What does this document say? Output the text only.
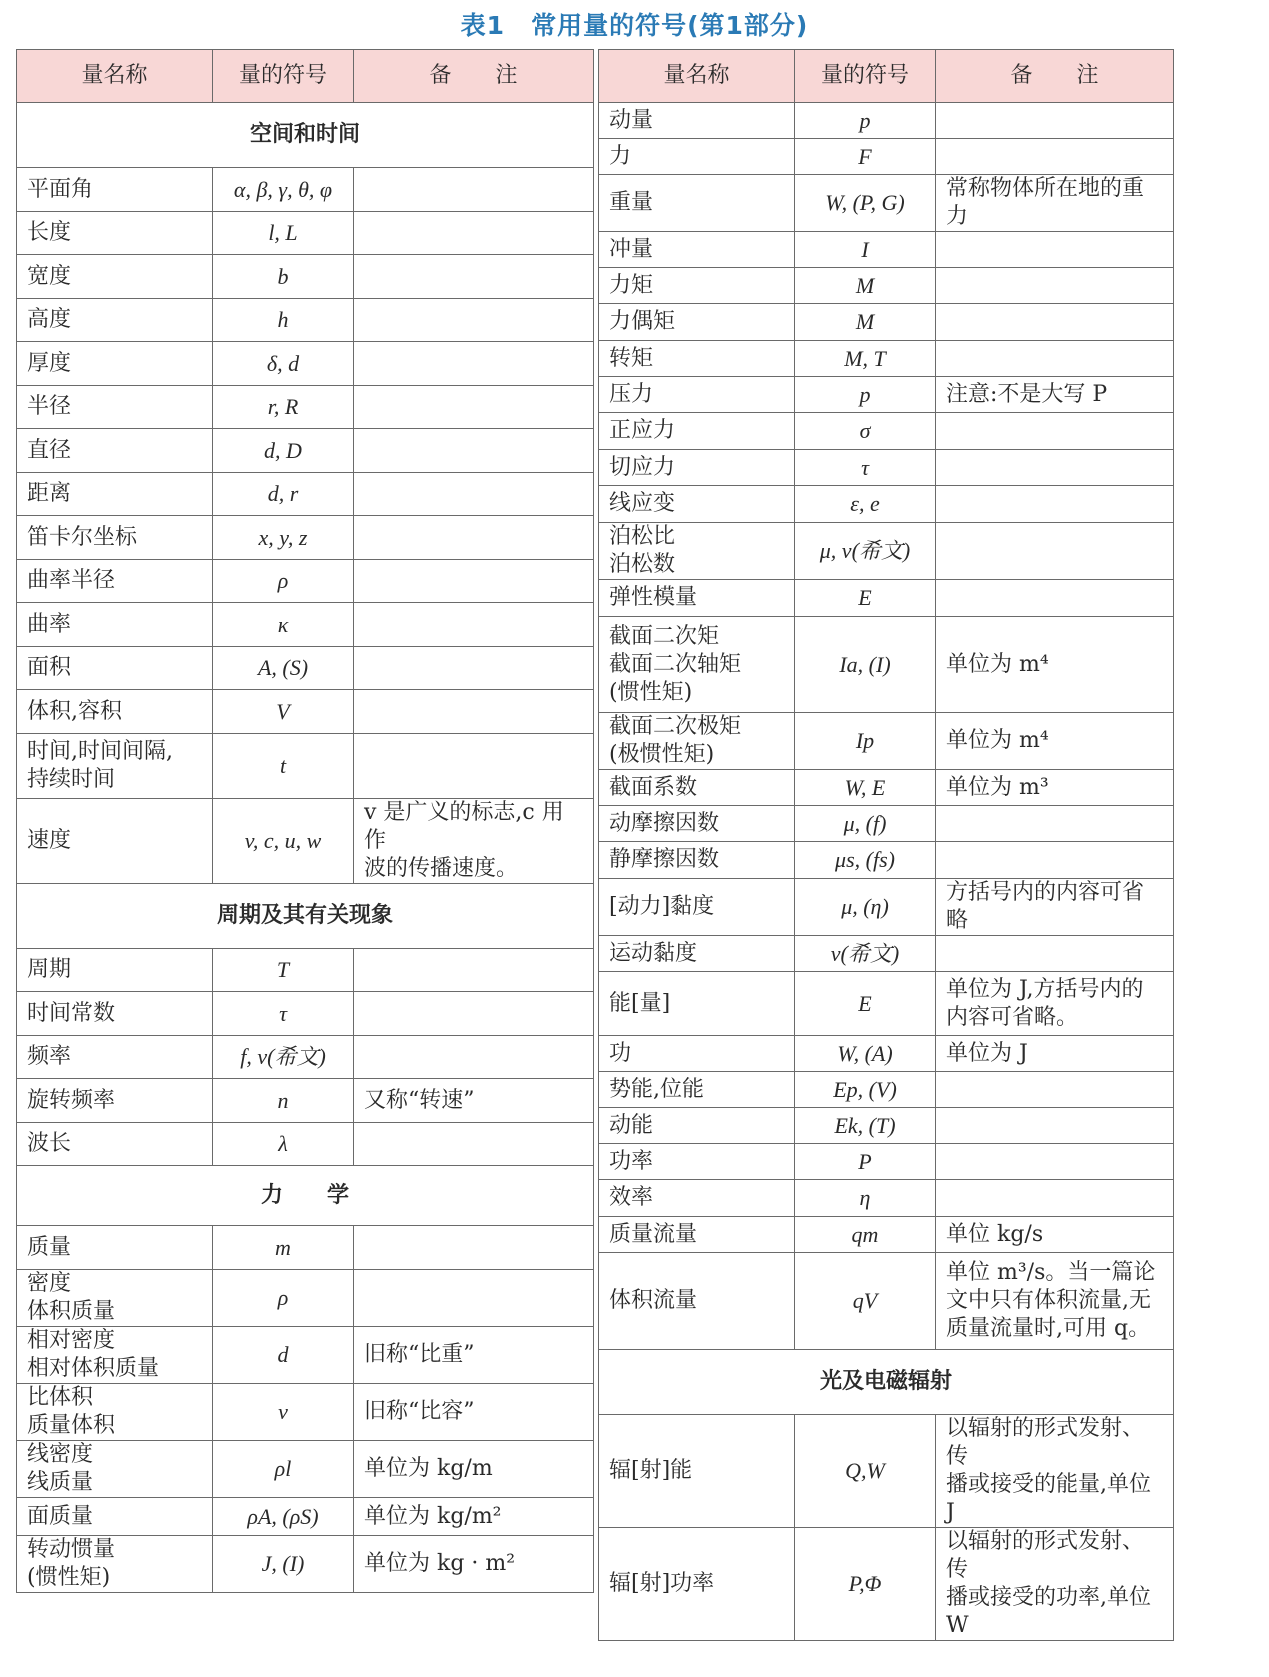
表1　常用量的符号(第1部分)
量名称	量的符号	备　　注
空间和时间		
平面角	α, β, γ, θ, φ	
长度	l, L	
宽度	b	
高度	h	
厚度	δ, d	
半径	r, R	
直径	d, D	
距离	d, r	
笛卡尔坐标	x, y, z	
曲率半径	ρ	
曲率	κ	
面积	A, (S)	
体积,容积	V	
时间,时间间隔,
持续时间	t	
速度	v, c, u, w	v 是广义的标志,c 用作
波的传播速度。
周期及其有关现象		
周期	T	
时间常数	τ	
频率	f, ν(希文)	
旋转频率	n	又称“转速”
波长	λ	
力　　学		
质量	m	
密度
体积质量	ρ	
相对密度
相对体积质量	d	旧称“比重”
比体积
质量体积	v	旧称“比容”
线密度
线质量	ρl	单位为 kg/m
面质量	ρA, (ρS)	单位为 kg/m²
转动惯量
(惯性矩)	J, (I)	单位为 kg · m²
量名称	量的符号	备　　注
动量	p	
力	F	
重量	W, (P, G)	常称物体所在地的重力
冲量	I	
力矩	M	
力偶矩	M	
转矩	M, T	
压力	p	注意:不是大写 P
正应力	σ	
切应力	τ	
线应变	ε, e	
泊松比
泊松数	μ, ν(希文)	
弹性模量	E	
截面二次矩
截面二次轴矩
(惯性矩)	Ia, (I)	单位为 m⁴
截面二次极矩
(极惯性矩)	Ip	单位为 m⁴
截面系数	W, E	单位为 m³
动摩擦因数	μ, (f)	
静摩擦因数	μs, (fs)	
[动力]黏度	μ, (η)	方括号内的内容可省略
运动黏度	ν(希文)	
能[量]	E	单位为 J,方括号内的
内容可省略。
功	W, (A)	单位为 J
势能,位能	Ep, (V)	
动能	Ek, (T)	
功率	P	
效率	η	
质量流量	qm	单位 kg/s
体积流量	qV	单位 m³/s。当一篇论
文中只有体积流量,无
质量流量时,可用 q。
光及电磁辐射		
辐[射]能	Q,W	以辐射的形式发射、传
播或接受的能量,单位
J
辐[射]功率	P,Φ	以辐射的形式发射、传
播或接受的功率,单位
W
